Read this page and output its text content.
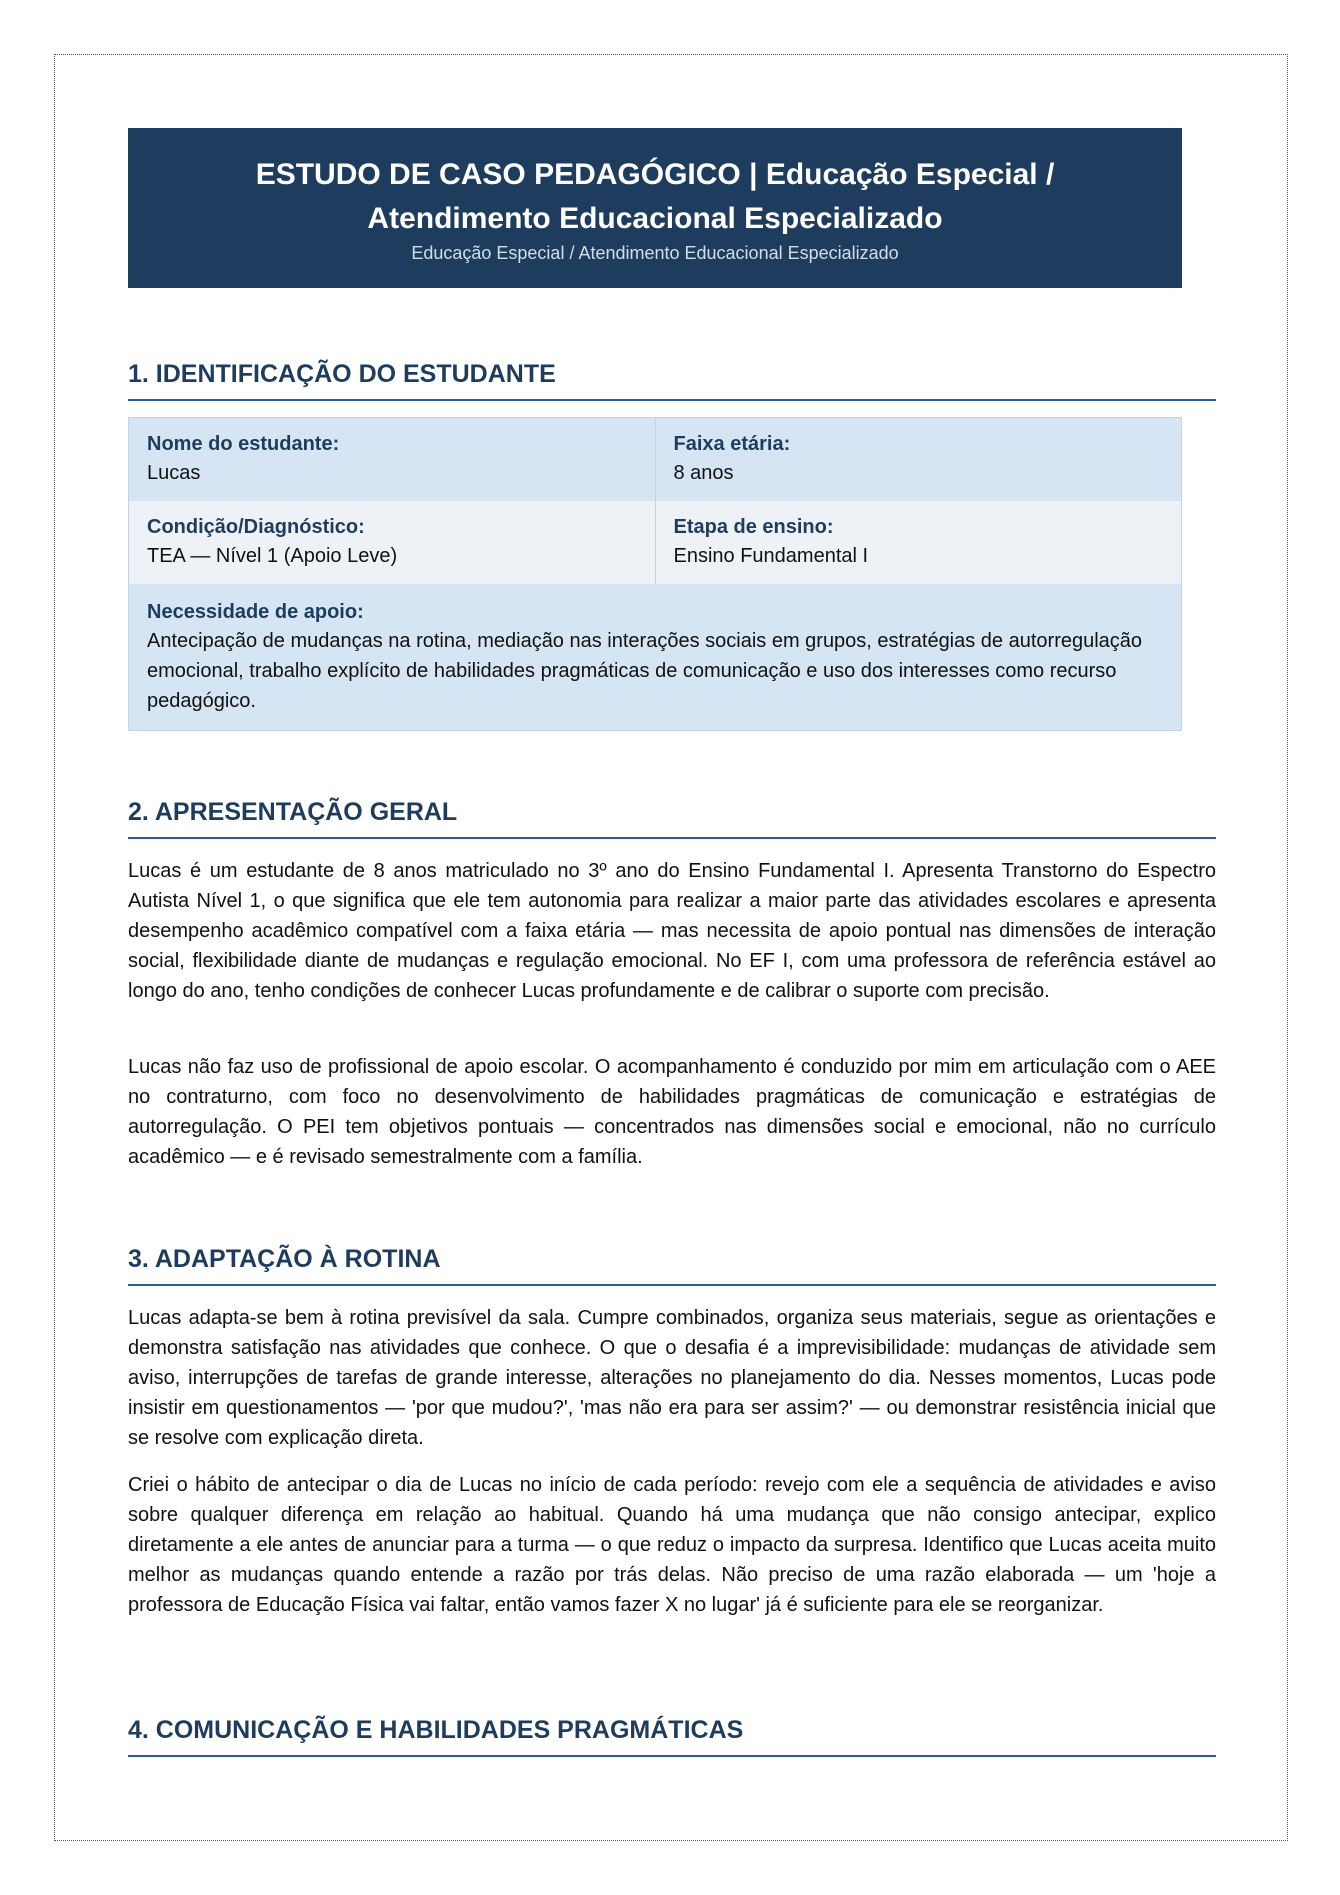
ESTUDO DE CASO PEDAGÓGICO | Educação Especial / Atendimento Educacional Especializado
Educação Especial / Atendimento Educacional Especializado
1. IDENTIFICAÇÃO DO ESTUDANTE
Nome do estudante:
Lucas
Faixa etária:
8 anos
Condição/Diagnóstico:
TEA — Nível 1 (Apoio Leve)
Etapa de ensino:
Ensino Fundamental I
Necessidade de apoio:
Antecipação de mudanças na rotina, mediação nas interações sociais em grupos, estratégias de autorregulação emocional, trabalho explícito de habilidades pragmáticas de comunicação e uso dos interesses como recurso pedagógico.
2. APRESENTAÇÃO GERAL

Lucas é um estudante de 8 anos matriculado no 3º ano do Ensino Fundamental I. Apresenta Transtorno do Espectro Autista Nível 1, o que significa que ele tem autonomia para realizar a maior parte das atividades escolares e apresenta desempenho acadêmico compatível com a faixa etária — mas necessita de apoio pontual nas dimensões de interação social, flexibilidade diante de mudanças e regulação emocional. No EF I, com uma professora de referência estável ao longo do ano, tenho condições de conhecer Lucas profundamente e de calibrar o suporte com precisão.

Lucas não faz uso de profissional de apoio escolar. O acompanhamento é conduzido por mim em articulação com o AEE no contraturno, com foco no desenvolvimento de habilidades pragmáticas de comunicação e estratégias de autorregulação. O PEI tem objetivos pontuais — concentrados nas dimensões social e emocional, não no currículo acadêmico — e é revisado semestralmente com a família.

3. ADAPTAÇÃO À ROTINA

Lucas adapta-se bem à rotina previsível da sala. Cumpre combinados, organiza seus materiais, segue as orientações e demonstra satisfação nas atividades que conhece. O que o desafia é a imprevisibilidade: mudanças de atividade sem aviso, interrupções de tarefas de grande interesse, alterações no planejamento do dia. Nesses momentos, Lucas pode insistir em questionamentos — 'por que mudou?', 'mas não era para ser assim?' — ou demonstrar resistência inicial que se resolve com explicação direta.

Criei o hábito de antecipar o dia de Lucas no início de cada período: revejo com ele a sequência de atividades e aviso sobre qualquer diferença em relação ao habitual. Quando há uma mudança que não consigo antecipar, explico diretamente a ele antes de anunciar para a turma — o que reduz o impacto da surpresa. Identifico que Lucas aceita muito melhor as mudanças quando entende a razão por trás delas. Não preciso de uma razão elaborada — um 'hoje a professora de Educação Física vai faltar, então vamos fazer X no lugar' já é suficiente para ele se reorganizar.

4. COMUNICAÇÃO E HABILIDADES PRAGMÁTICAS
